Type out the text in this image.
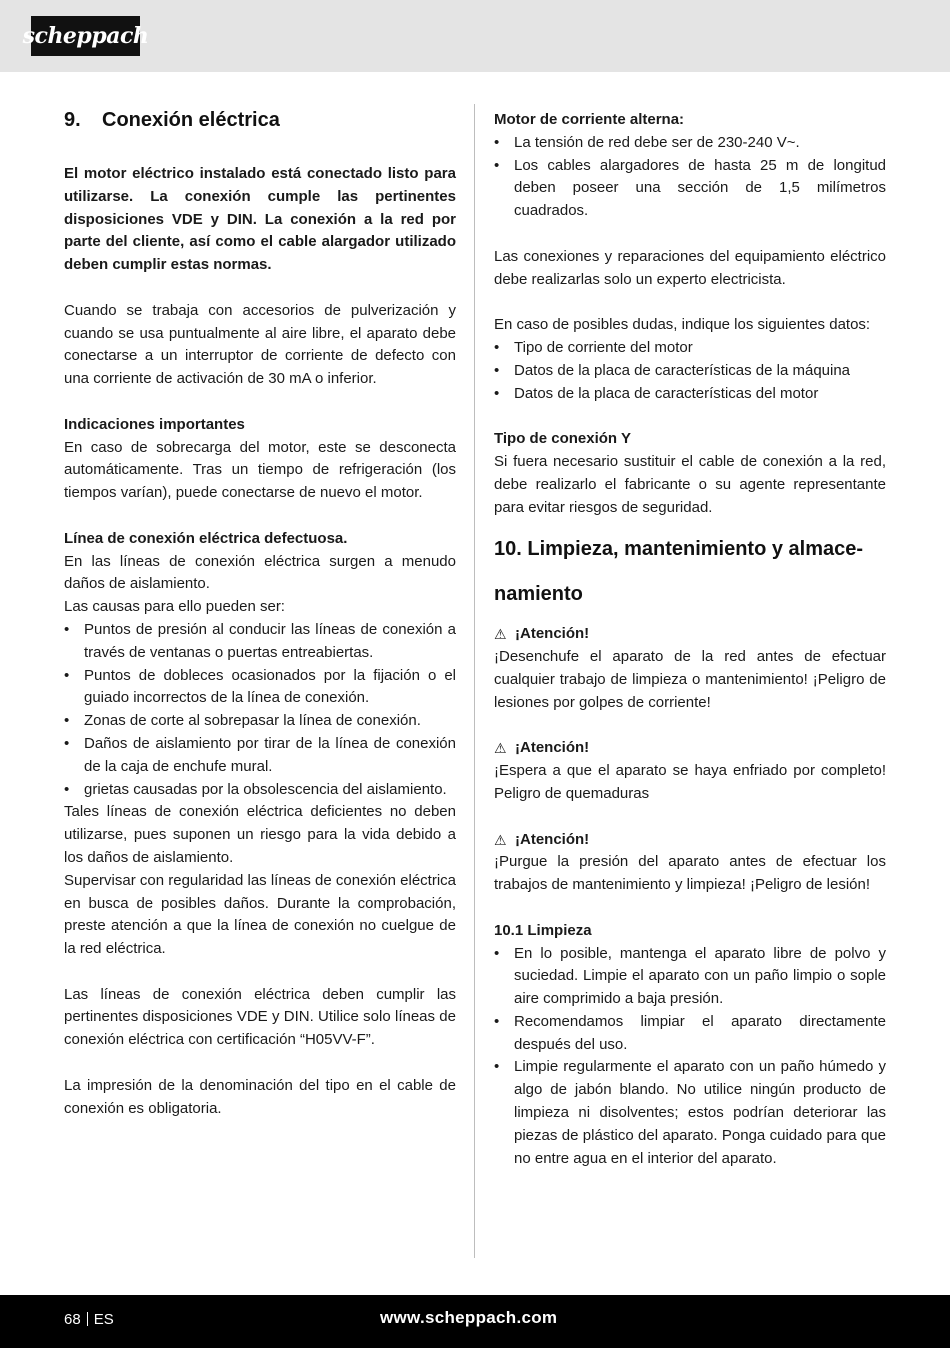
scheppach
9. Conexión eléctrica

El motor eléctrico instalado está conectado listo para utilizarse. La conexión cumple las pertinentes disposiciones VDE y DIN. La conexión a la red por parte del cliente, así como el cable alargador utilizado deben cumplir estas normas.

Cuando se trabaja con accesorios de pulverización y cuando se usa puntualmente al aire libre, el aparato debe conectarse a un interruptor de corriente de defecto con una corriente de activación de 30 mA o inferior.

Indicaciones importantes

En caso de sobrecarga del motor, este se desconecta automáticamente. Tras un tiempo de refrigeración (los tiempos varían), puede conectarse de nuevo el motor.

Línea de conexión eléctrica defectuosa.

En las líneas de conexión eléctrica surgen a menudo daños de aislamiento.

Las causas para ello pueden ser:

• Puntos de presión al conducir las líneas de conexión a través de ventanas o puertas entreabiertas.
• Puntos de dobleces ocasionados por la fijación o el guiado incorrectos de la línea de conexión.
• Zonas de corte al sobrepasar la línea de conexión.
• Daños de aislamiento por tirar de la línea de conexión de la caja de enchufe mural.
• grietas causadas por la obsolescencia del aislamiento.

Tales líneas de conexión eléctrica deficientes no deben utilizarse, pues suponen un riesgo para la vida debido a los daños de aislamiento.

Supervisar con regularidad las líneas de conexión eléctrica en busca de posibles daños. Durante la comprobación, preste atención a que la línea de conexión no cuelgue de la red eléctrica.

Las líneas de conexión eléctrica deben cumplir las pertinentes disposiciones VDE y DIN. Utilice solo líneas de conexión eléctrica con certificación “H05VV-F”.

La impresión de la denominación del tipo en el cable de conexión es obligatoria.

Motor de corriente alterna:

• La tensión de red debe ser de 230-240 V~.
• Los cables alargadores de hasta 25 m de longitud deben poseer una sección de 1,5 milímetros cuadrados.

Las conexiones y reparaciones del equipamiento eléctrico debe realizarlas solo un experto electricista.

En caso de posibles dudas, indique los siguientes datos:

• Tipo de corriente del motor
• Datos de la placa de características de la máquina
• Datos de la placa de características del motor

Tipo de conexión Y

Si fuera necesario sustituir el cable de conexión a la red, debe realizarlo el fabricante o su agente representante para evitar riesgos de seguridad.

10. Limpieza, mantenimiento y almace-
namiento
⚠ ¡Atención!

¡Desenchufe el aparato de la red antes de efectuar cualquier trabajo de limpieza o mantenimiento! ¡Peligro de lesiones por golpes de corriente!

⚠ ¡Atención!

¡Espera a que el aparato se haya enfriado por completo! Peligro de quemaduras

⚠ ¡Atención!

¡Purgue la presión del aparato antes de efectuar los trabajos de mantenimiento y limpieza! ¡Peligro de lesión!

10.1 Limpieza

• En lo posible, mantenga el aparato libre de polvo y suciedad. Limpie el aparato con un paño limpio o sople aire comprimido a baja presión.
• Recomendamos limpiar el aparato directamente después del uso.
• Limpie regularmente el aparato con un paño húmedo y algo de jabón blando. No utilice ningún producto de limpieza ni disolventes; estos podrían deteriorar las piezas de plástico del aparato. Ponga cuidado para que no entre agua en el interior del aparato.
68 ES	www.scheppach.com
